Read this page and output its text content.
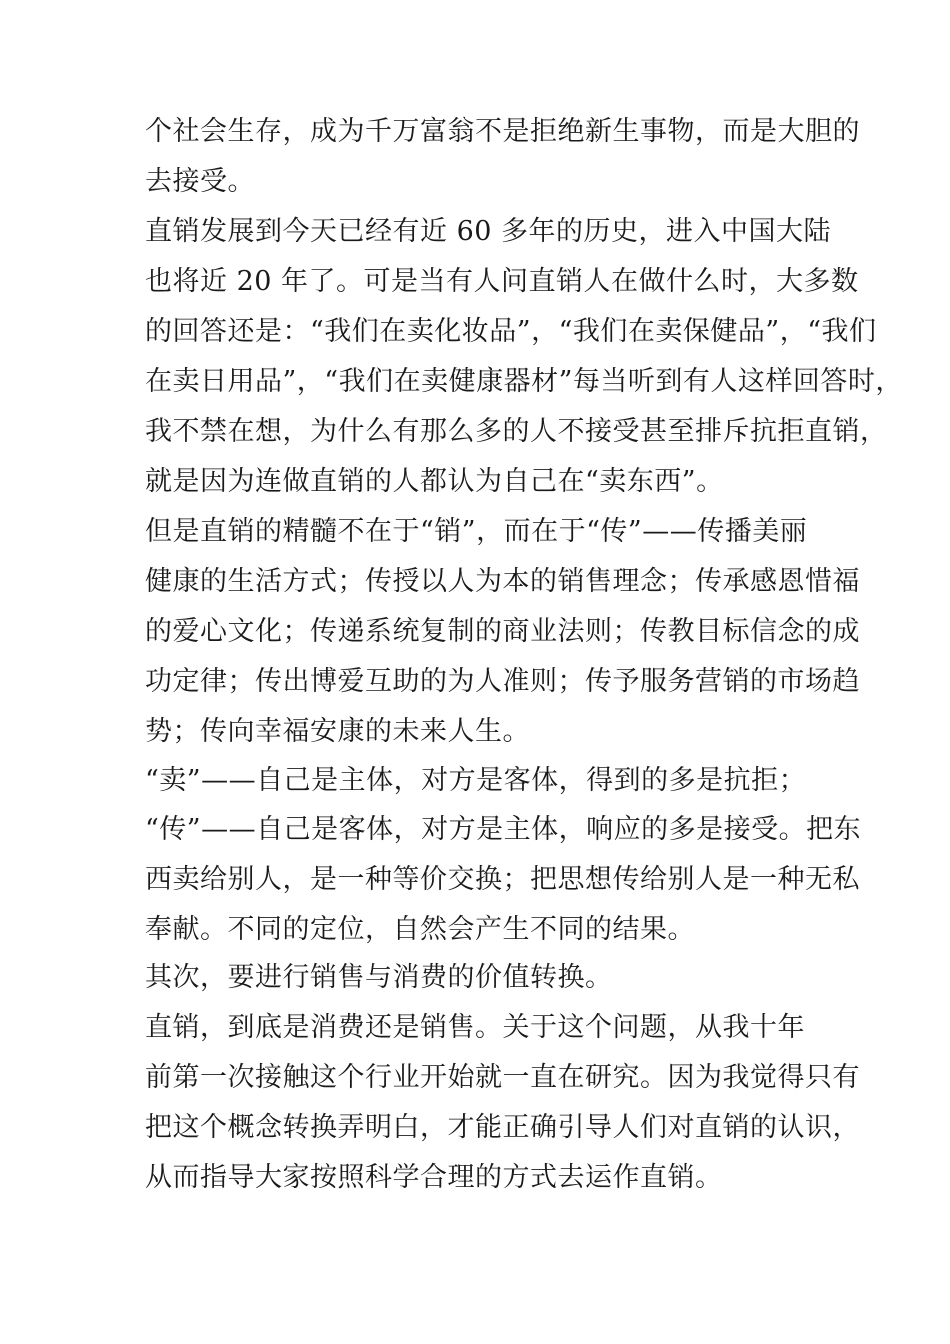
个社会生存，成为千万富翁不是拒绝新生事物，而是大胆的
去接受。
直销发展到今天已经有近 60 多年的历史，进入中国大陆
也将近 20 年了。可是当有人问直销人在做什么时，大多数
的回答还是：“我们在卖化妆品”，“我们在卖保健品”，“我们
在卖日用品”，“我们在卖健康器材”每当听到有人这样回答时，
我不禁在想，为什么有那么多的人不接受甚至排斥抗拒直销，
就是因为连做直销的人都认为自己在“卖东西”。
但是直销的精髓不在于“销”，而在于“传”——传播美丽
健康的生活方式；传授以人为本的销售理念；传承感恩惜福
的爱心文化；传递系统复制的商业法则；传教目标信念的成
功定律；传出博爱互助的为人准则；传予服务营销的市场趋
势；传向幸福安康的未来人生。
“卖”——自己是主体，对方是客体，得到的多是抗拒；
“传”——自己是客体，对方是主体，响应的多是接受。把东
西卖给别人，是一种等价交换；把思想传给别人是一种无私
奉献。不同的定位，自然会产生不同的结果。
其次，要进行销售与消费的价值转换。
直销，到底是消费还是销售。关于这个问题，从我十年
前第一次接触这个行业开始就一直在研究。因为我觉得只有
把这个概念转换弄明白，才能正确引导人们对直销的认识，
从而指导大家按照科学合理的方式去运作直销。
